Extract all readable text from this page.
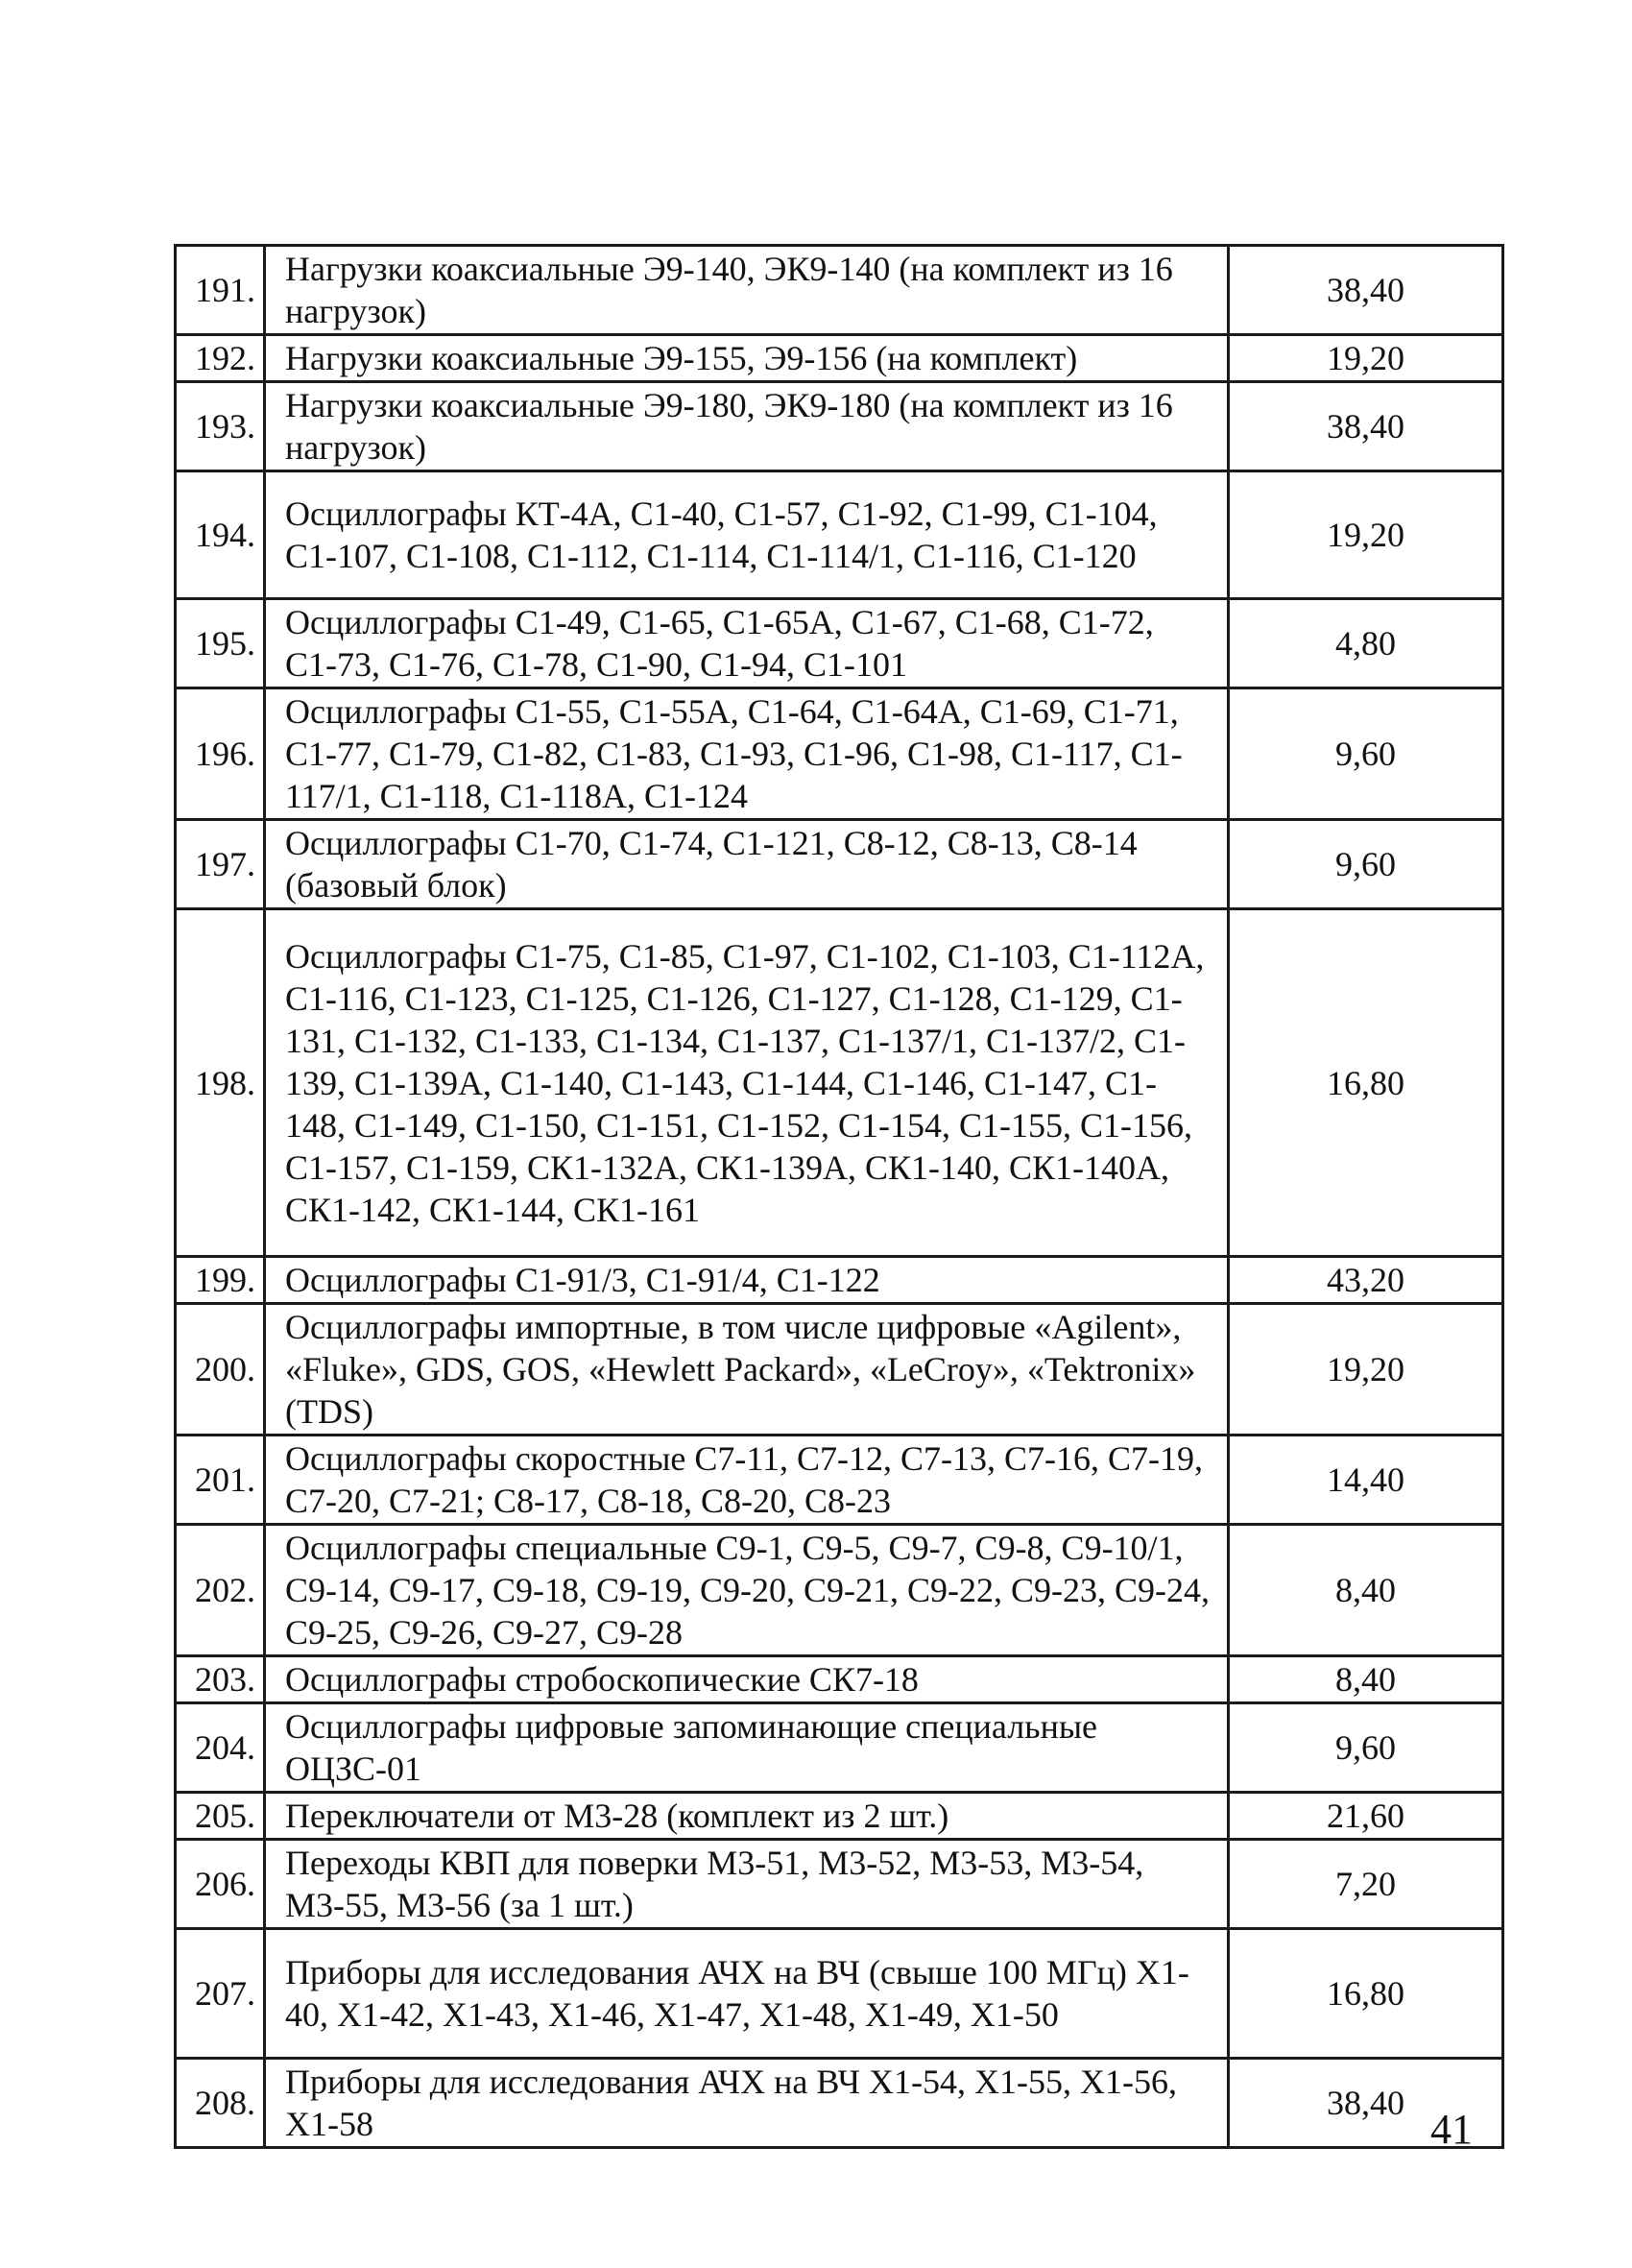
191.	Нагрузки коаксиальные Э9-140, ЭК9-140 (на комплект из 16 нагрузок)	38,40
192.	Нагрузки коаксиальные Э9-155, Э9-156 (на комплект)	19,20
193.	Нагрузки коаксиальные Э9-180, ЭК9-180 (на комплект из 16 нагрузок)	38,40
194.	Осциллографы КТ-4А, С1-40, С1-57, С1-92, С1-99, С1-104, С1-107, С1-108, С1-112, С1-114, С1-114/1, С1-116, С1-120	19,20
195.	Осциллографы С1-49, С1-65, С1-65А, С1-67, С1-68, С1-72, С1-73, С1-76, С1-78, С1-90, С1-94, С1-101	4,80
196.	Осциллографы С1-55, С1-55А, С1-64, С1-64А, С1-69, С1-71, С1-77, С1-79, С1-82, С1-83, С1-93, С1-96, С1-98, С1-117, С1-117/1, С1-118, С1-118А, С1-124	9,60
197.	Осциллографы С1-70, С1-74, С1-121, С8-12, С8-13, С8-14 (базовый блок)	9,60
198.	Осциллографы С1-75, С1-85, С1-97, С1-102, С1-103, С1-112А, С1-116, С1-123, С1-125, С1-126, С1-127, С1-128, С1-129, С1-131, С1-132, С1-133, С1-134, С1-137, С1-137/1, С1-137/2, С1-139, С1-139А, С1-140, С1-143, С1-144, С1-146, С1-147, С1-148, С1-149, С1-150, С1-151, С1-152, С1-154, С1-155, С1-156, С1-157, С1-159, СК1-132А, СК1-139А, СК1-140, СК1-140А, СК1-142, СК1-144, СК1-161	16,80
199.	Осциллографы С1-91/3, С1-91/4, С1-122	43,20
200.	Осциллографы импортные, в том числе цифровые «Agilent», «Fluke», GDS, GOS, «Hewlett Packard», «LeCroy», «Tektronix» (TDS)	19,20
201.	Осциллографы скоростные С7-11, С7-12, С7-13, С7-16, С7-19, С7-20, С7-21; С8-17, С8-18, С8-20, С8-23	14,40
202.	Осциллографы специальные С9-1, С9-5, С9-7, С9-8, С9-10/1, С9-14, С9-17, С9-18, С9-19, С9-20, С9-21, С9-22, С9-23, С9-24, С9-25, С9-26, С9-27, С9-28	8,40
203.	Осциллографы стробоскопические СК7-18	8,40
204.	Осциллографы цифровые запоминающие специальные ОЦЗС-01	9,60
205.	Переключатели от М3-28 (комплект из 2 шт.)	21,60
206.	Переходы КВП для поверки М3-51, М3-52, М3-53, М3-54, М3-55, М3-56 (за 1 шт.)	7,20
207.	Приборы для исследования АЧХ на ВЧ (свыше 100 МГц) Х1-40, Х1-42, Х1-43, Х1-46, Х1-47, Х1-48, Х1-49, Х1-50	16,80
208.	Приборы для исследования АЧХ на ВЧ Х1-54, Х1-55, Х1-56, Х1-58	38,40
41
